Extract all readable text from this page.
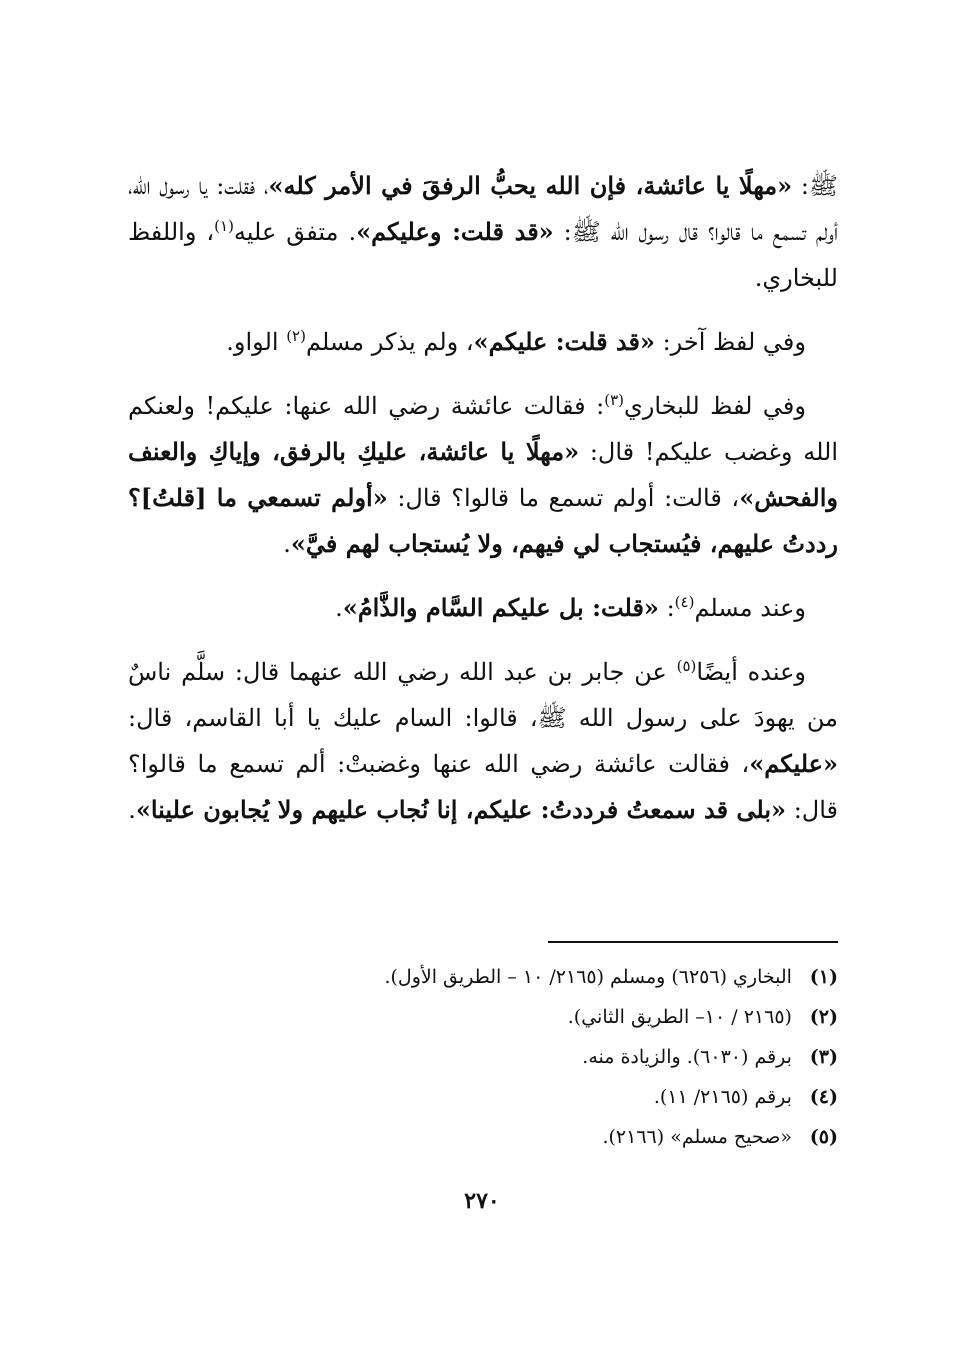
ﷺ: «مهلًا يا عائشة، فإن الله يحبُّ الرفقَ في الأمر كله»، فقلت: يا رسول الله، أولم تسمع ما قالوا؟ قال رسول الله ﷺ: «قد قلت: وعليكم». متفق عليه$^{(١)}$، واللفظ للبخاري.

وفي لفظ آخر: «قد قلت: عليكم»، ولم يذكر مسلم$^{(٢)}$ الواو.

وفي لفظ للبخاري$^{(٣)}$: فقالت عائشة رضي الله عنها: عليكم! ولعنكم الله وغضب عليكم! قال: «مهلًا يا عائشة، عليكِ بالرفق، وإياكِ والعنف والفحش»، قالت: أولم تسمع ما قالوا؟ قال: «أولم تسمعي ما [قلتُ]؟ رددتُ عليهم، فيُستجاب لي فيهم، ولا يُستجاب لهم فيَّ».

وعند مسلم$^{(٤)}$: «قلت: بل عليكم السَّام والذَّامُ».

وعنده أيضًا$^{(٥)}$ عن جابر بن عبد الله رضي الله عنهما قال: سلَّم ناسٌ من يهودَ على رسول الله ﷺ، قالوا: السام عليك يا أبا القاسم، قال: «عليكم»، فقالت عائشة رضي الله عنها وغضبتْ: ألم تسمع ما قالوا؟ قال: «بلى قد سمعتُ فرددتُ: عليكم، إنا نُجاب عليهم ولا يُجابون علينا».

(١) البخاري (٦٢٥٦) ومسلم (٢١٦٥/ ١٠ – الطريق الأول).
(٢) (٢١٦٥ / ١٠– الطريق الثاني).
(٣) برقم (٦٠٣٠). والزيادة منه.
(٤) برقم (٢١٦٥/ ١١).
(٥) «صحيح مسلم» (٢١٦٦).
٢٧٠
